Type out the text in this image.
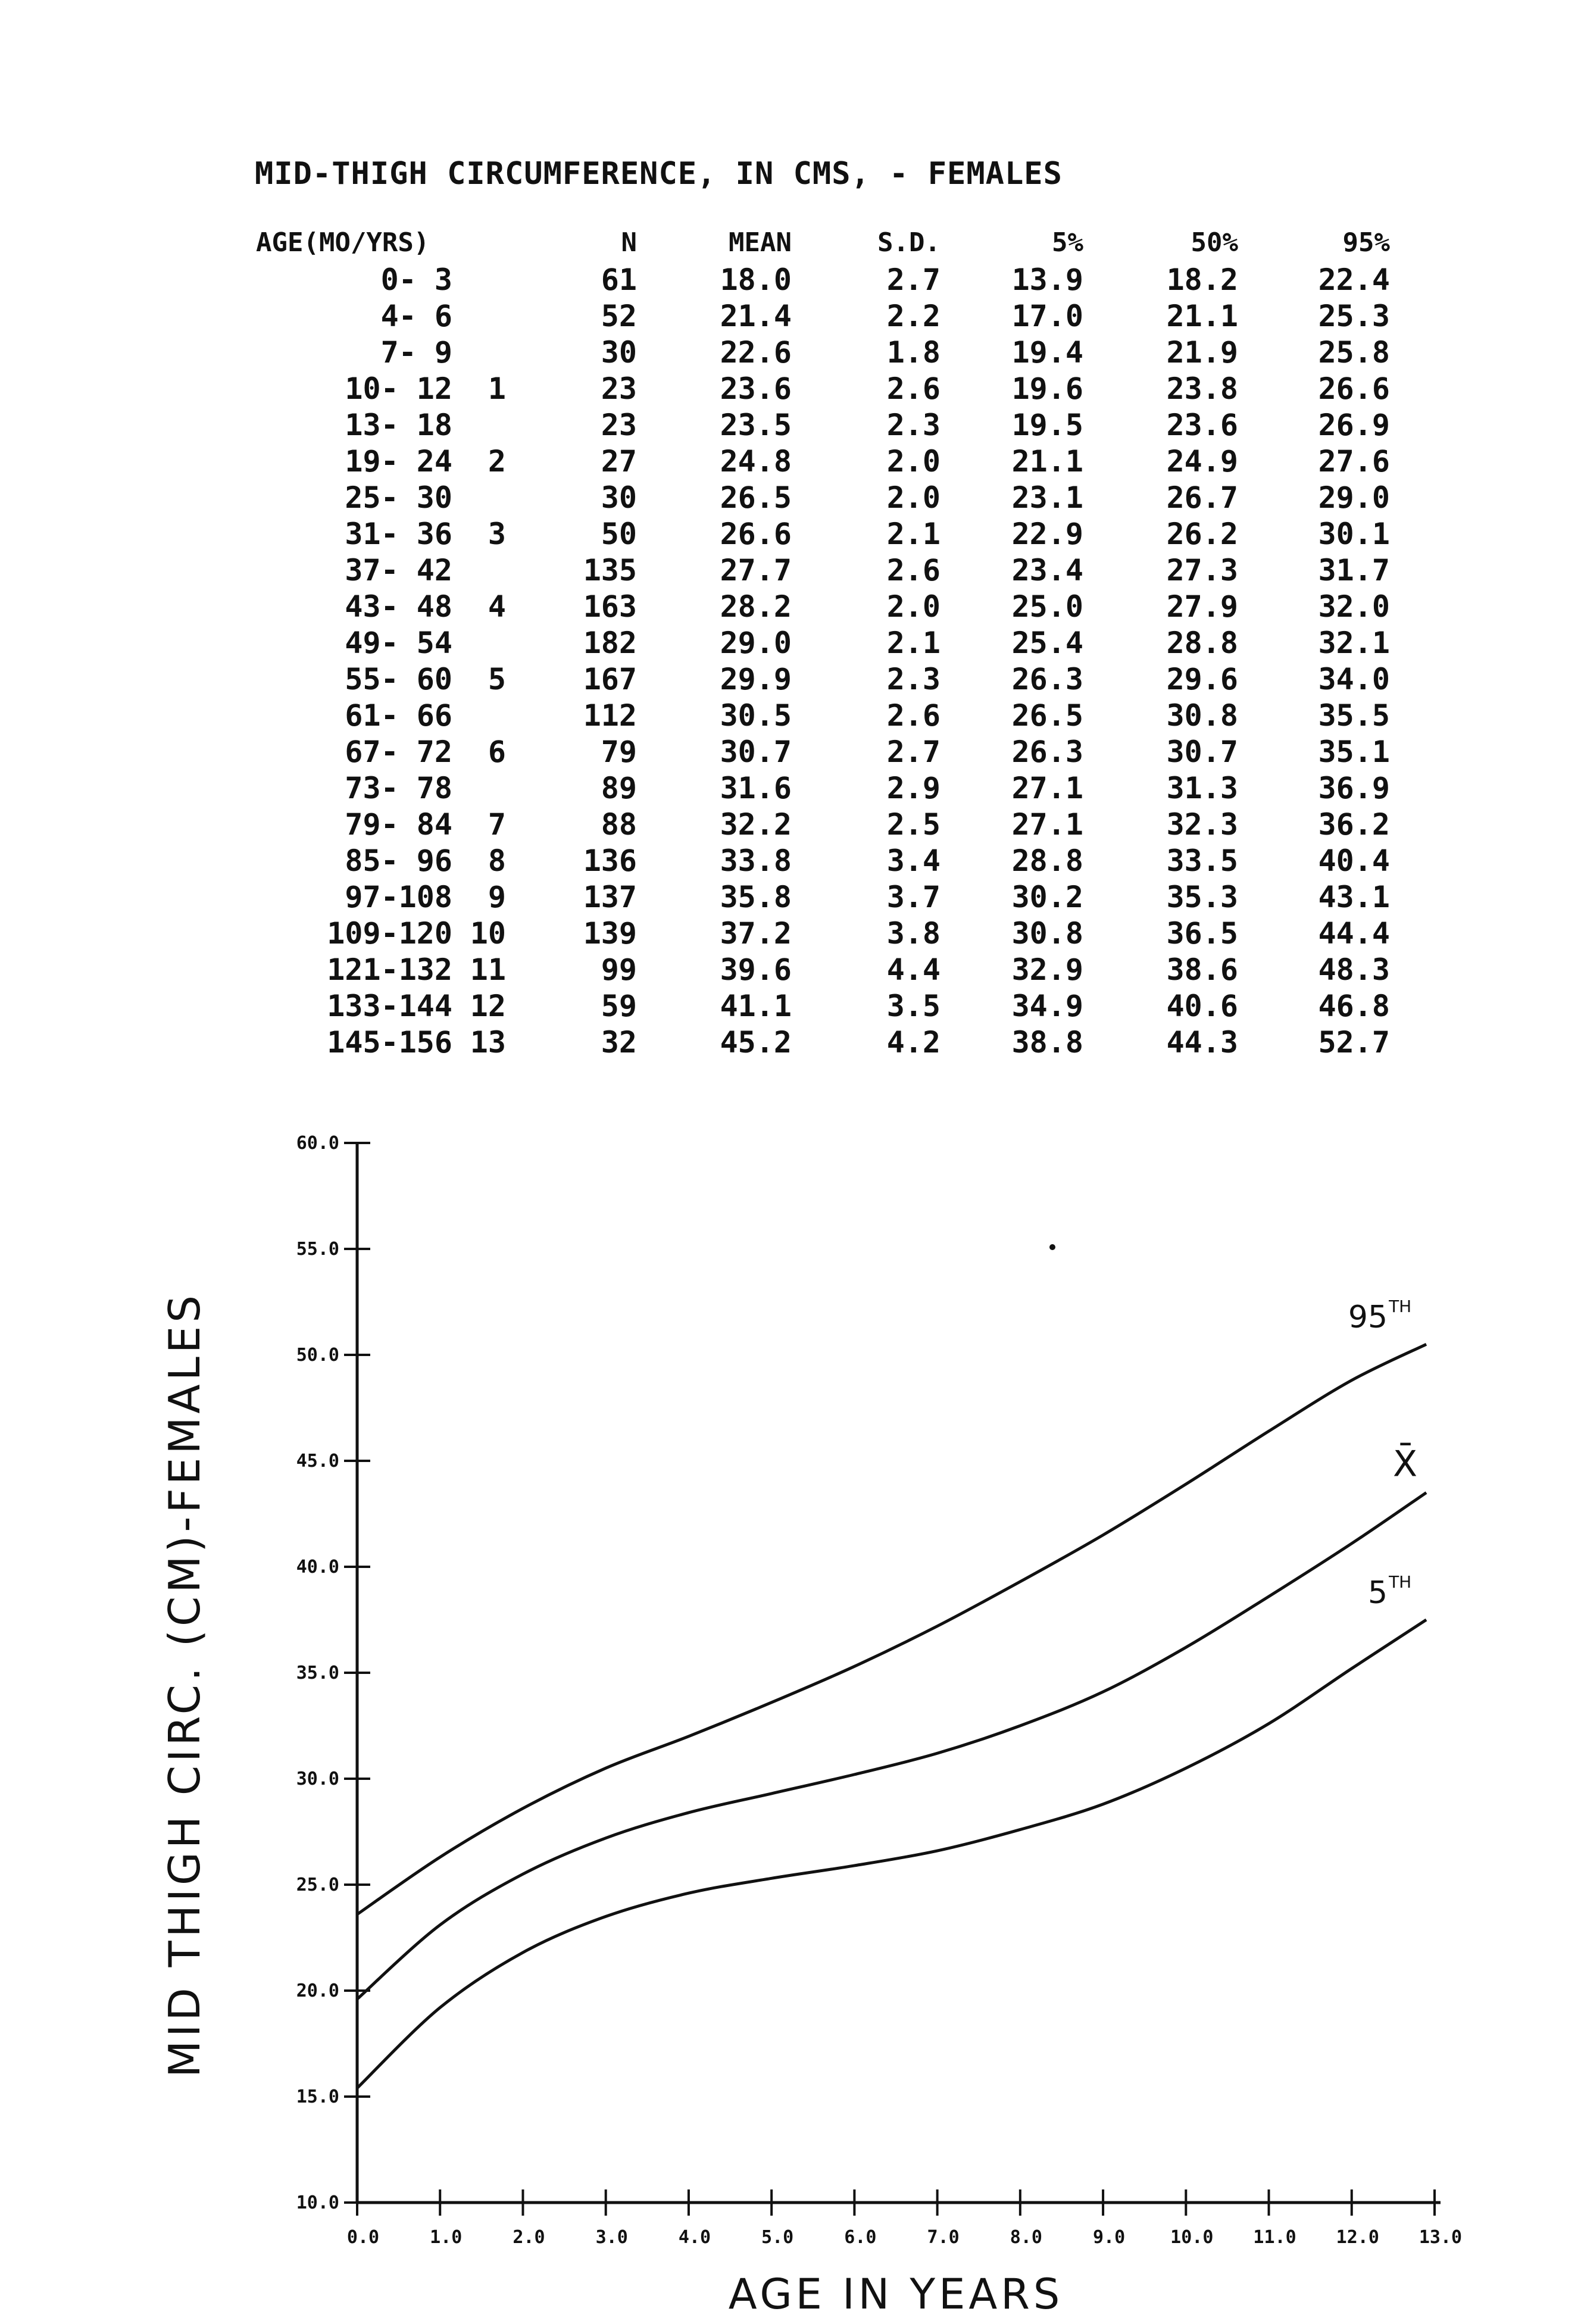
MID-THIGH CIRCUMFERENCE, IN CMS, - FEMALES
AGE(MO/YRS)	N	MEAN	S.D.	5%	50%	95%
0- 3	61	18.0	2.7	13.9	18.2	22.4
4- 6	52	21.4	2.2	17.0	21.1	25.3
7- 9	30	22.6	1.8	19.4	21.9	25.8
10- 12 1	23	23.6	2.6	19.6	23.8	26.6
13- 18	23	23.5	2.3	19.5	23.6	26.9
19- 24 2	27	24.8	2.0	21.1	24.9	27.6
25- 30	30	26.5	2.0	23.1	26.7	29.0
31- 36 3	50	26.6	2.1	22.9	26.2	30.1
37- 42	135	27.7	2.6	23.4	27.3	31.7
43- 48 4	163	28.2	2.0	25.0	27.9	32.0
49- 54	182	29.0	2.1	25.4	28.8	32.1
55- 60 5	167	29.9	2.3	26.3	29.6	34.0
61- 66	112	30.5	2.6	26.5	30.8	35.5
67- 72 6	79	30.7	2.7	26.3	30.7	35.1
73- 78	89	31.6	2.9	27.1	31.3	36.9
79- 84 7	88	32.2	2.5	27.1	32.3	36.2
85- 96 8	136	33.8	3.4	28.8	33.5	40.4
97-108 9	137	35.8	3.7	30.2	35.3	43.1
109-120 10	139	37.2	3.8	30.8	36.5	44.4
121-132 11	99	39.6	4.4	32.9	38.6	48.3
133-144 12	59	41.1	3.5	34.9	40.6	46.8
145-156 13	32	45.2	4.2	38.8	44.3	52.7
10.0
15.0
20.0
25.0
30.0
35.0
40.0
45.0
50.0
55.0
60.0
0.0	1.0	2.0	3.0	4.0	5.0	6.0	7.0	8.0	9.0	10.0 11.0 12.0 13.0
AGE IN YEARS
MID THIGH CIRC. (CM)-FEMALES	95 TH
X̄
5 TH
